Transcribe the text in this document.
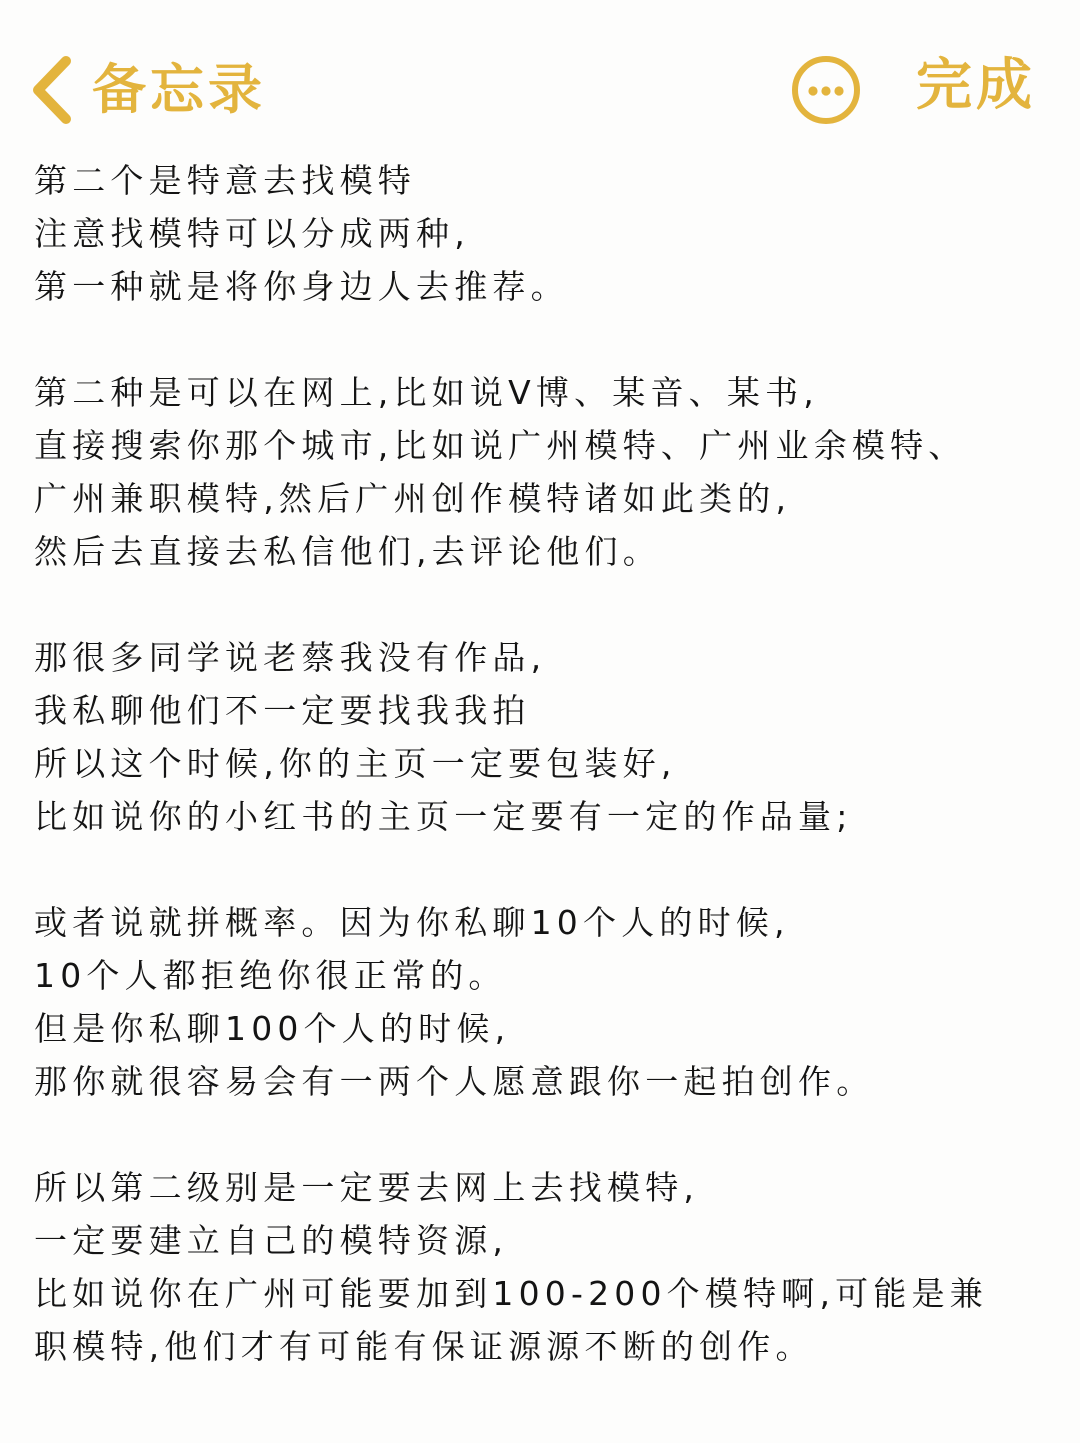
备忘录	完成
第二个是特意去找模特
注意找模特可以分成两种,
第一种就是将你身边人去推荐。
第二种是可以在网上,比如说V博、某音、某书,
直接搜索你那个城市,比如说广州模特、广州业余模特、
广州兼职模特,然后广州创作模特诸如此类的,
然后去直接去私信他们,去评论他们。
那很多同学说老蔡我没有作品,
我私聊他们不一定要找我我拍
所以这个时候,你的主页一定要包装好,
比如说你的小红书的主页一定要有一定的作品量;
或者说就拼概率。因为你私聊10个人的时候,
10个人都拒绝你很正常的。
但是你私聊100个人的时候,
那你就很容易会有一两个人愿意跟你一起拍创作。
所以第二级别是一定要去网上去找模特,
一定要建立自己的模特资源,
比如说你在广州可能要加到100-200个模特啊,可能是兼
职模特,他们才有可能有保证源源不断的创作。
